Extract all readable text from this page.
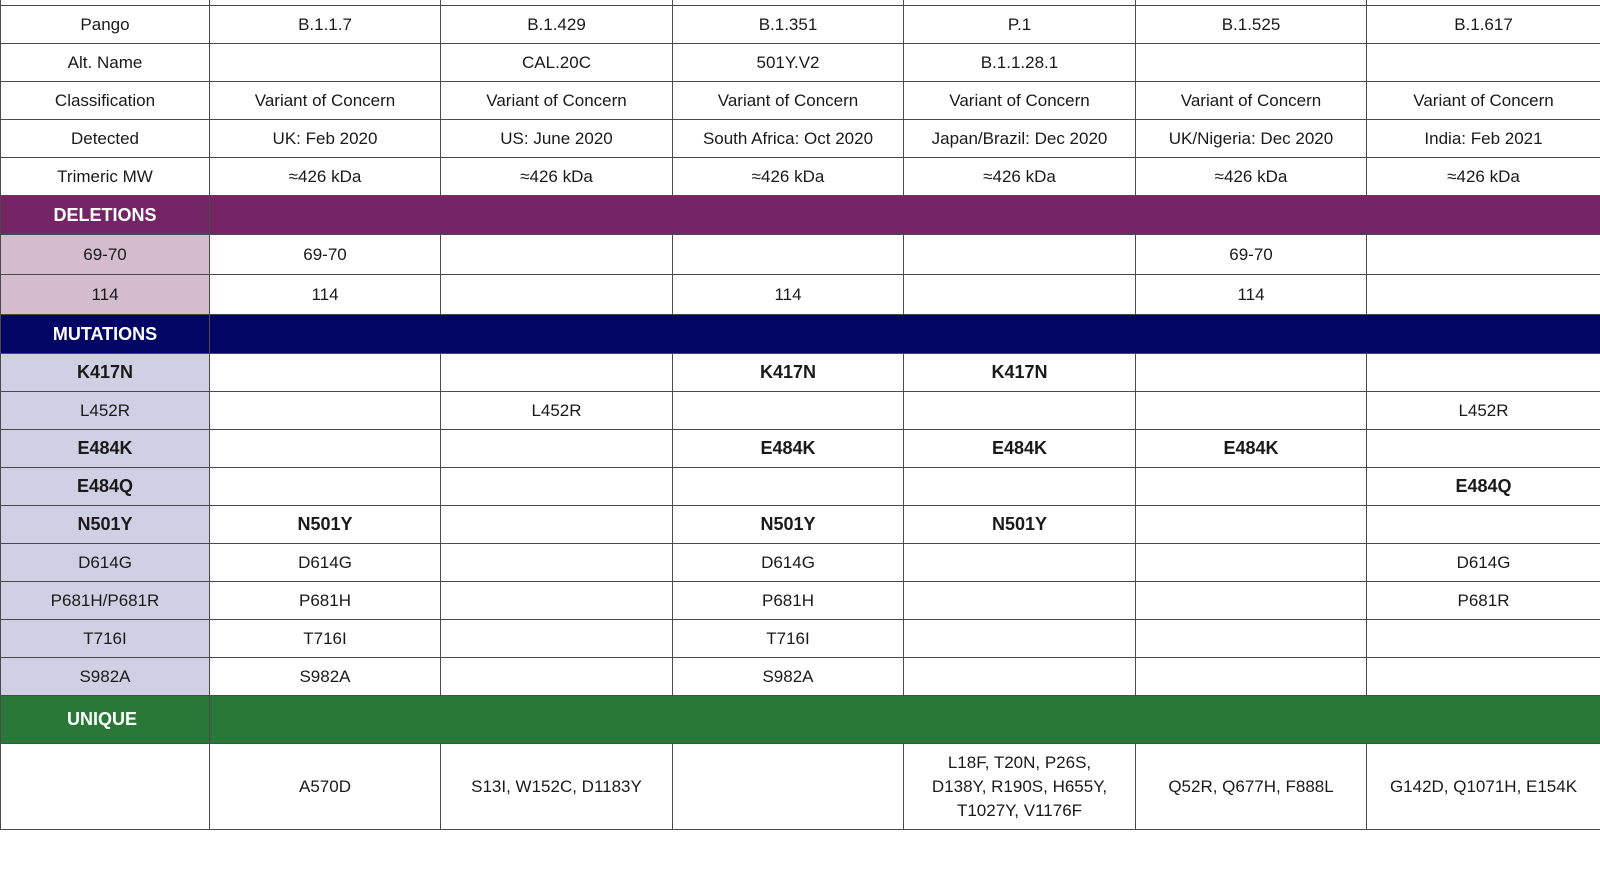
Pango	B.1.1.7	B.1.429	B.1.351	P.1	B.1.525	B.1.617
Alt. Name		CAL.20C	501Y.V2	B.1.1.28.1		
Classification	Variant of Concern	Variant of Concern	Variant of Concern	Variant of Concern	Variant of Concern	Variant of Concern
Detected	UK: Feb 2020	US: June 2020	South Africa: Oct 2020	Japan/Brazil: Dec 2020	UK/Nigeria: Dec 2020	India: Feb 2021
Trimeric MW	≈426 kDa	≈426 kDa	≈426 kDa	≈426 kDa	≈426 kDa	≈426 kDa
DELETIONS						
69-70	69-70				69-70	
114	114		114		114	
MUTATIONS						
K417N			K417N	K417N		
L452R		L452R				L452R
E484K			E484K	E484K	E484K	
E484Q						E484Q
N501Y	N501Y		N501Y	N501Y		
D614G	D614G		D614G			D614G
P681H/P681R	P681H		P681H			P681R
T716I	T716I		T716I			
S982A	S982A		S982A			
UNIQUE						

	A570D	S13I, W152C, D1183Y		L18F, T20N, P26S,
D138Y, R190S, H655Y,
T1027Y, V1176F	Q52R, Q677H, F888L	G142D, Q1071H, E154K
